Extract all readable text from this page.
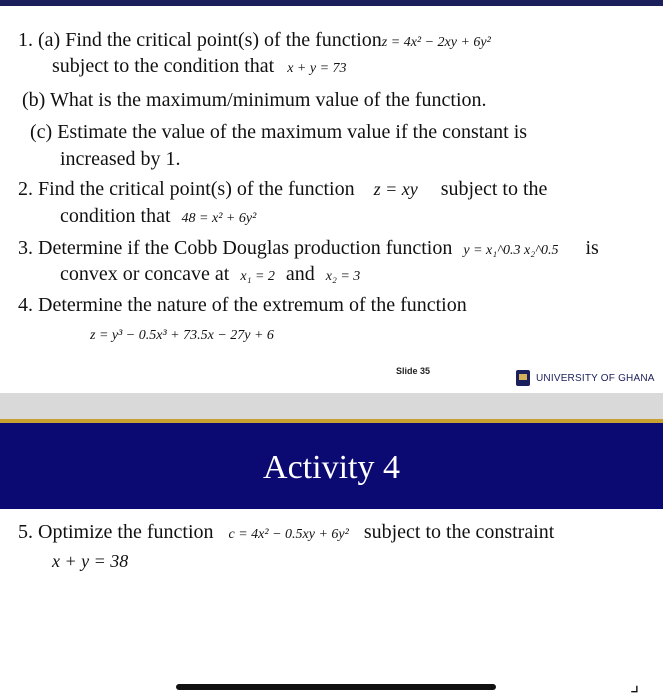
1. (a) Find the critical point(s) of the functionz = 4x² − 2xy + 6y²
subject to the condition that x + y = 73
(b) What is the maximum/minimum value of the function.
(c) Estimate the value of the maximum value if the constant is
increased by 1.
2. Find the critical point(s) of the function z = xy subject to the
condition that 48 = x² + 6y²
3. Determine if the Cobb Douglas production function y = x₁^0.3 x₂^0.5 is
convex or concave at x₁ = 2 and x₂ = 3
4. Determine the nature of the extremum of the function
z = y³ − 0.5x³ + 73.5x − 27y + 6
Slide 35
UNIVERSITY OF GHANA
Activity 4
5. Optimize the function c = 4x² − 0.5xy + 6y² subject to the constraint
x + y = 38
⌟
